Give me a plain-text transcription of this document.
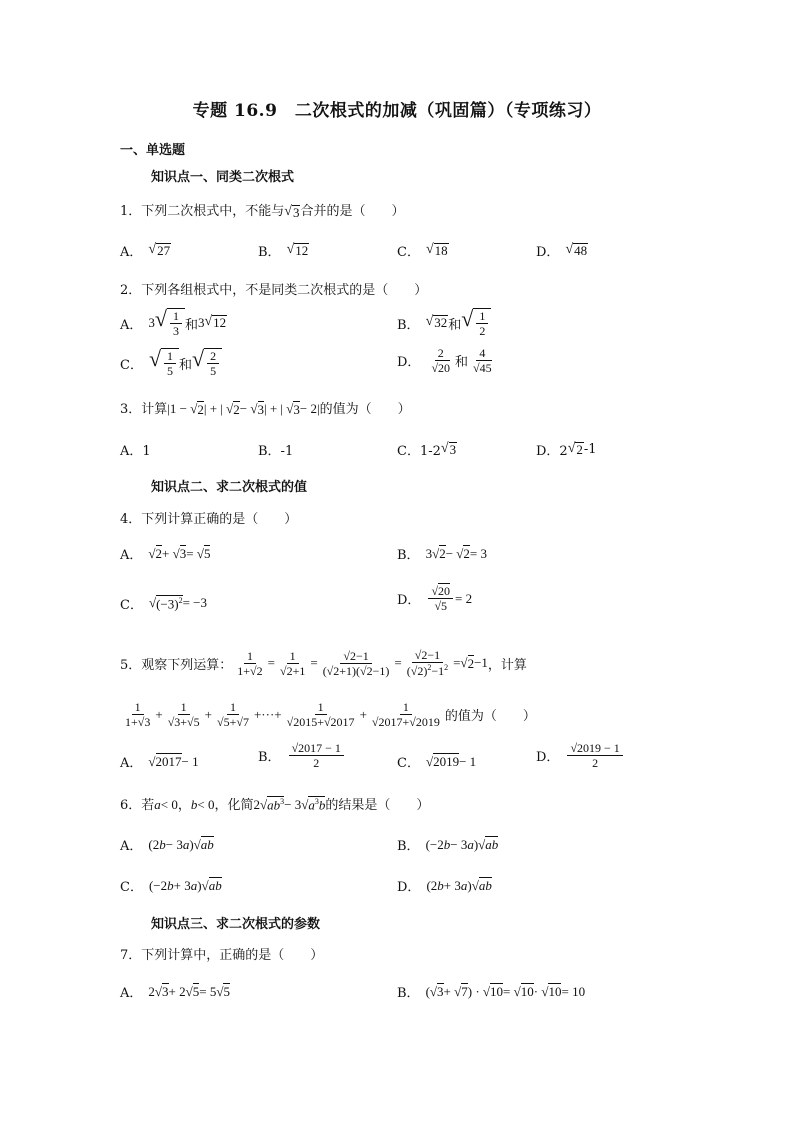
专题 16.9　二次根式的加减（巩固篇）（专项练习）
一、单选题
知识点一、同类二次根式
1．下列二次根式中，不能与 √ 3 合并的是（　　）
A． √ 27	B． √ 12	C． √ 18	D． √ 48
2．下列各组根式中，不是同类二次根式的是（　　）
A． 3 √ $\frac{1}{3}$ 和 3 √ 12	B． √ 32 和 √ $\frac{1}{2}$
C． √ $\frac{1}{5}$ 和 √ $\frac{2}{5}$	D． $\frac{2}{√20}$ 和 $\frac{4}{√45}$
3．计算|1 − √ 2 | + | √ 2 − √ 3 | + | √ 3 − 2|的值为（　　）
A．1	B．-1	C．1-2 √ 3	D．2 √ 2 -1
知识点二、求二次根式的值
4．下列计算正确的是（　　）
A． √ 2 + √ 3 = √ 5	B． 3√ 2 − √ 2 = 3
C． √ $(-3)^2 = -3$	D． $\frac{√20}{√5} = 2$
5．观察下列运算： $\frac{1}{1+√2} = \frac{1}{√2+1} = \frac{√2-1}{(√2+1)(√2-1)} = \frac{√2-1}{(√2)^2-1^2}$ =√ 2 −1 ，计算
$\frac{1}{1+√3} + \frac{1}{√3+√5} + \frac{1}{√5+√7}$ +···+ $\frac{1}{√2015+√2017} + \frac{1}{√2017+√2019}$ 的值为（　　）
A． √ 2017 − 1	B． $\frac{√2017 - 1}{2}$	C． √ 2019 − 1	D． $\frac{√2019 - 1}{2}$
6．若 a < 0， b < 0，化简2√ $ab^3 - 3√$ $a^3b$ 的结果是（　　）
A． (2 b − 3 a )√ ab	B． (−2 b − 3 a )√ ab
C． (−2 b + 3 a )√ ab	D． (2 b + 3 a )√ ab
知识点三、求二次根式的参数
7．下列计算中，正确的是（　　）
A． 2√ 3 + 2√ 5 = 5√ 5	B． (√ 3 + √ 7 ) · √ 10 = √ 10 · √ 10 = 10
